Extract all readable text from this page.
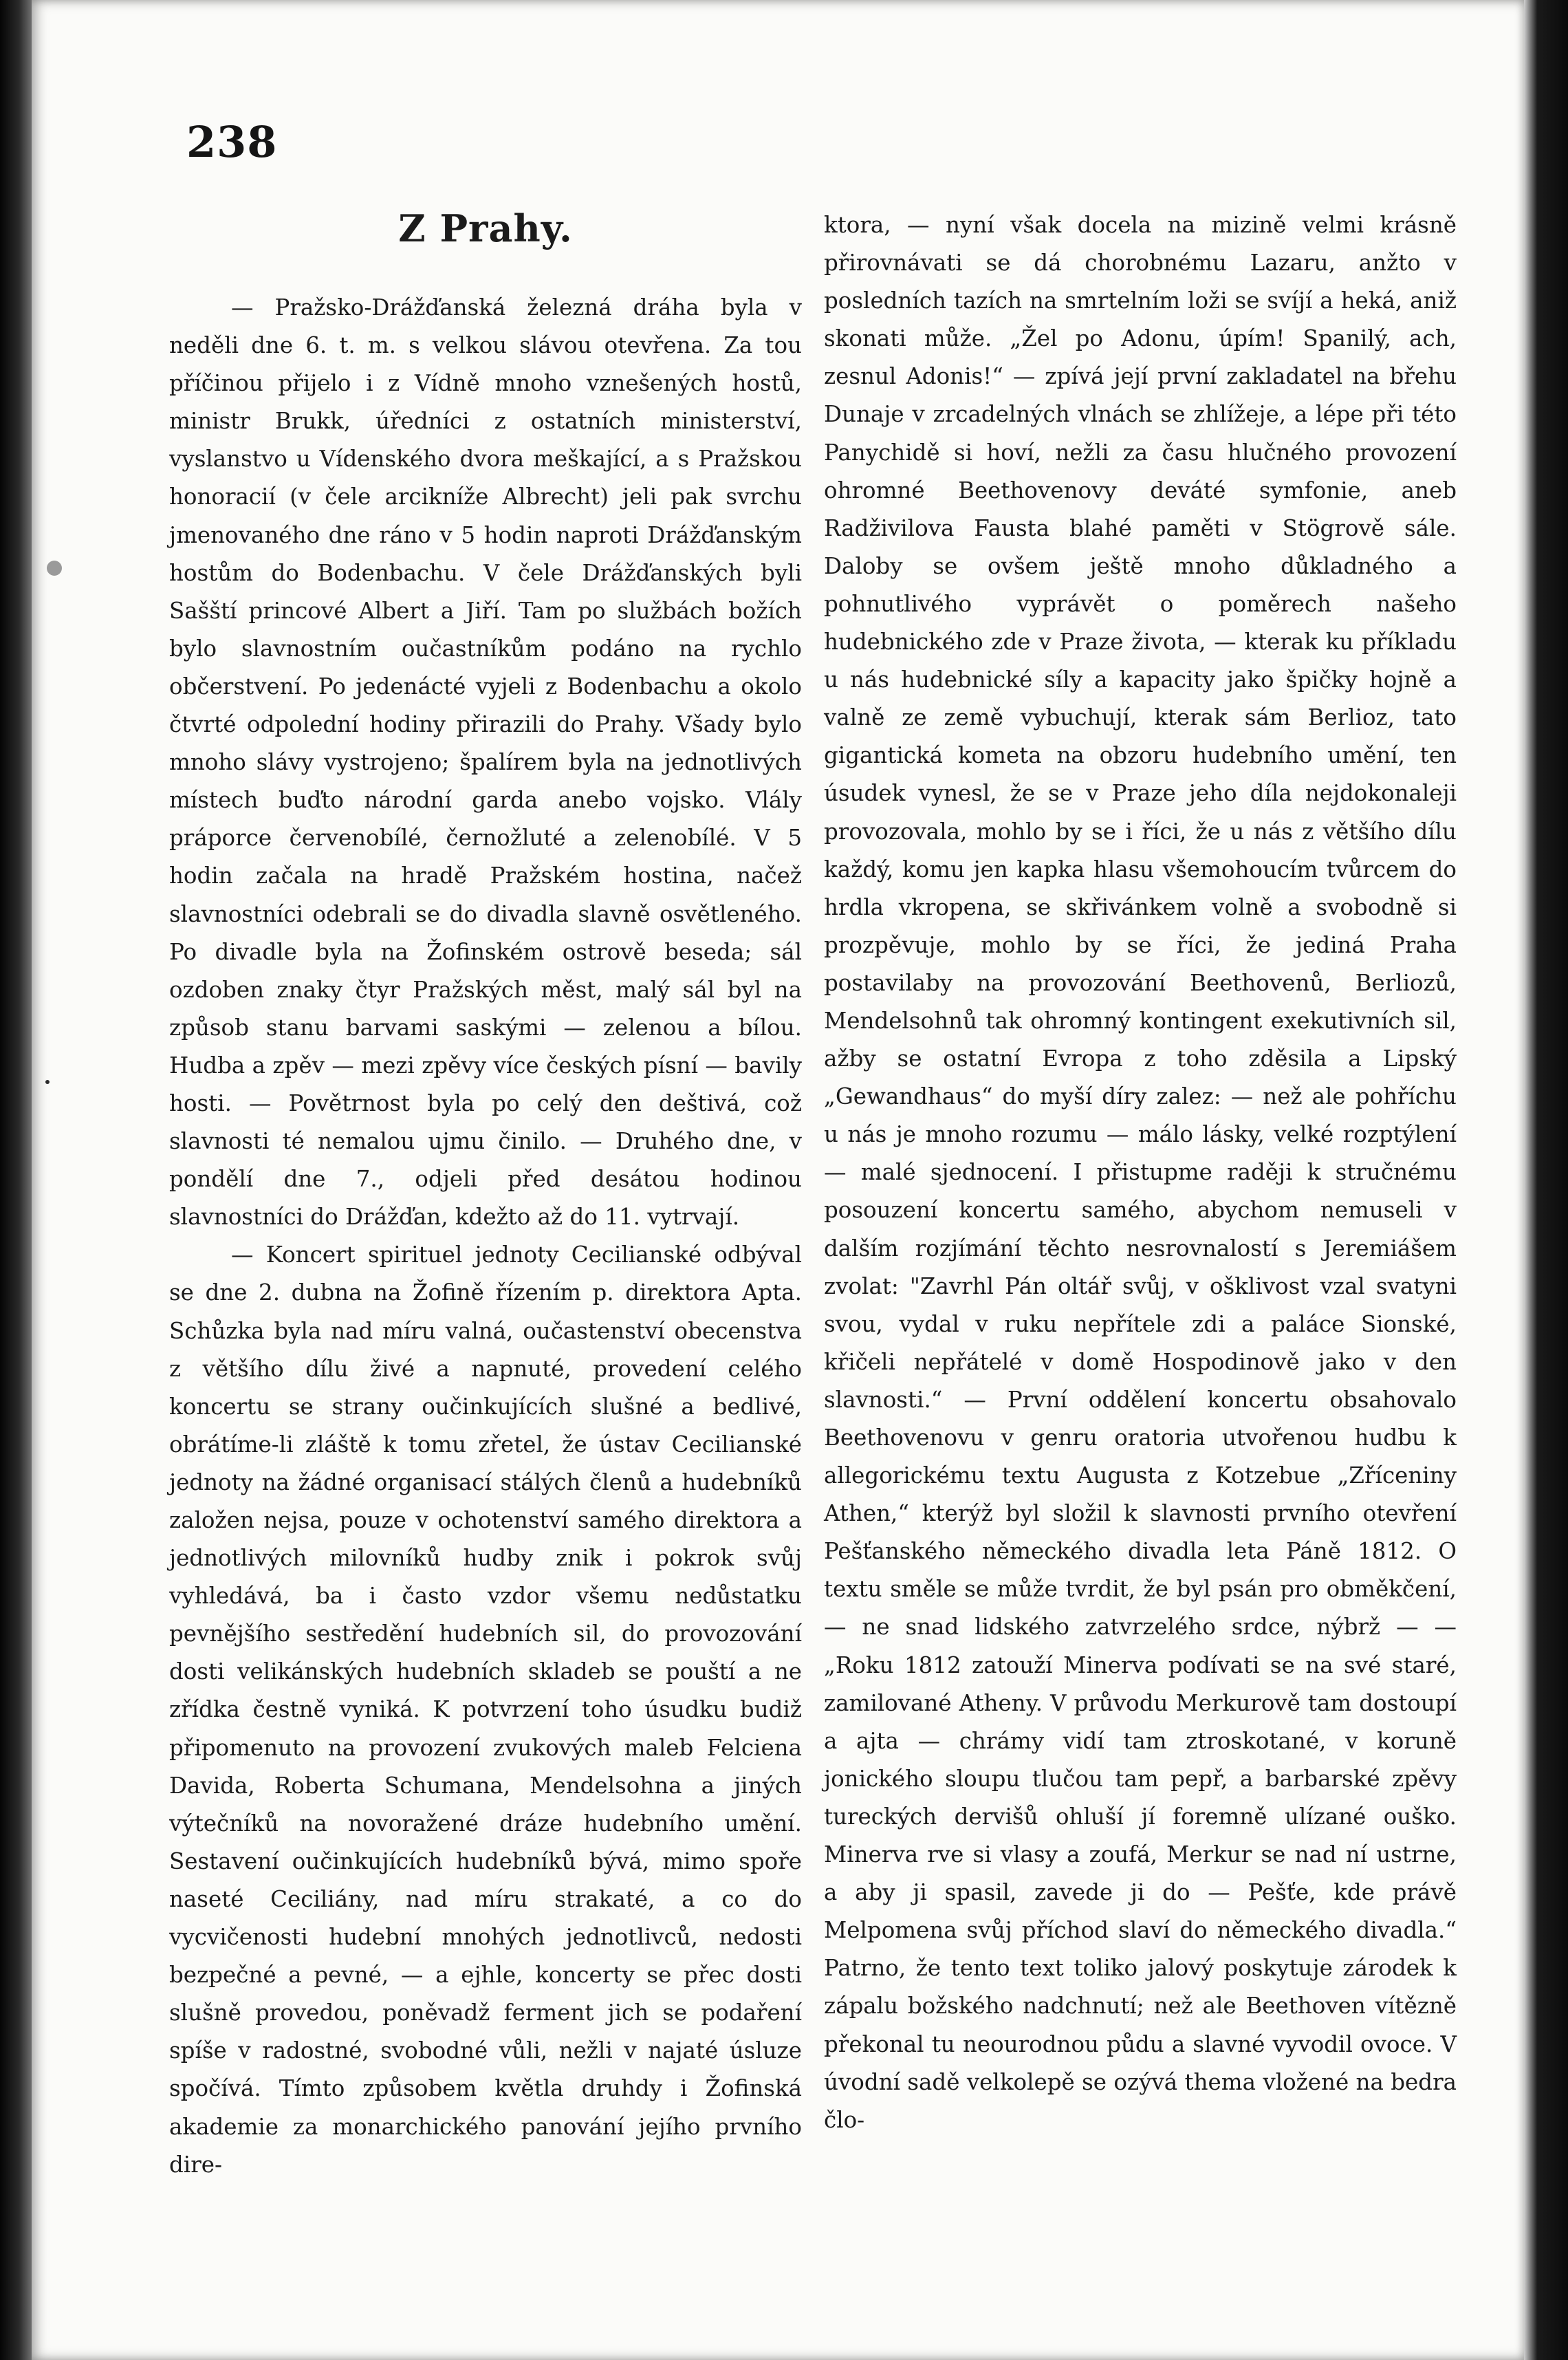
238
Z Prahy.

— Pražsko-Drážďanská železná dráha byla v neděli dne 6. t. m. s velkou slávou otevřena. Za tou příčinou přijelo i z Vídně mnoho vznešených hostů, ministr Brukk, úředníci z ostatních ministerství, vyslanstvo u Vídenského dvora meškající, a s Pražskou honoracií (v čele arcikníže Albrecht) jeli pak svrchu jmenovaného dne ráno v 5 hodin naproti Drážďanským hostům do Bodenbachu. V čele Drážďanských byli Sašští princové Albert a Jiří. Tam po službách božích bylo slavnostním oučastníkům podáno na rychlo občerstvení. Po jedenácté vyjeli z Bodenbachu a okolo čtvrté odpolední hodiny přirazili do Prahy. Všady bylo mnoho slávy vystrojeno; špalírem byla na jednotlivých místech buďto národní garda anebo vojsko. Vlály práporce červenobílé, černožluté a zelenobílé. V 5 hodin začala na hradě Pražském hostina, načež slavnostníci odebrali se do divadla slavně osvětleného. Po divadle byla na Žofinském ostrově beseda; sál ozdoben znaky čtyr Pražských měst, malý sál byl na způsob stanu barvami saskými — zelenou a bílou. Hudba a zpěv — mezi zpěvy více českých písní — bavily hosti. — Povětrnost byla po celý den deštivá, což slavnosti té nemalou ujmu činilo. — Druhého dne, v pondělí dne 7., odjeli před desátou hodinou slavnostníci do Drážďan, kdežto až do 11. vytrvají.

— Koncert spirituel jednoty Cecilianské odbýval se dne 2. dubna na Žofině řízením p. direktora Apta. Schůzka byla nad míru valná, oučastenství obecenstva z většího dílu živé a napnuté, provedení celého koncertu se strany oučinkujících slušné a bedlivé, obrátíme-li zláště k tomu zřetel, že ústav Cecilianské jednoty na žádné organisací stálých členů a hudebníků založen nejsa, pouze v ochotenství samého direktora a jednotlivých milovníků hudby znik i pokrok svůj vyhledává, ba i často vzdor všemu nedůstatku pevnějšího sestředění hudebních sil, do provozování dosti velikánských hudebních skladeb se pouští a ne zřídka čestně vyniká. K potvrzení toho úsudku budiž připomenuto na provození zvukových maleb Felciena Davida, Roberta Schumana, Mendelsohna a jiných výtečníků na novoražené dráze hudebního umění. Sestavení oučinkujících hudebníků bývá, mimo spoře naseté Ceciliány, nad míru strakaté, a co do vycvičenosti hudební mnohých jednotlivců, nedosti bezpečné a pevné, — a ejhle, koncerty se přec dosti slušně provedou, poněvadž ferment jich se podaření spíše v radostné, svobodné vůli, nežli v najaté úsluze spočívá. Tímto způsobem květla druhdy i Žofinská akademie za monarchického panování jejího prvního dire-

ktora, — nyní však docela na mizině velmi krásně přirovnávati se dá chorobnému Lazaru, anžto v posledních tazích na smrtelním loži se svíjí a heká, aniž skonati může. „Žel po Adonu, úpím! Spanilý, ach, zesnul Adonis!“ — zpívá její první zakladatel na břehu Dunaje v zrcadelných vlnách se zhlížeje, a lépe při této Panychidě si hoví, nežli za času hlučného provození ohromné Beethovenovy deváté symfonie, aneb Radživilova Fausta blahé paměti v Stögrově sále. Daloby se ovšem ještě mnoho důkladného a pohnutlivého vyprávět o poměrech našeho hudebnického zde v Praze života, — kterak ku příkladu u nás hudebnické síly a kapacity jako špičky hojně a valně ze země vybuchují, kterak sám Berlioz, tato gigantická kometa na obzoru hudebního umění, ten úsudek vynesl, že se v Praze jeho díla nejdokonaleji provozovala, mohlo by se i říci, že u nás z většího dílu každý, komu jen kapka hlasu všemohoucím tvůrcem do hrdla vkropena, se skřivánkem volně a svobodně si prozpěvuje, mohlo by se říci, že jediná Praha postavilaby na provozování Beethovenů, Berliozů, Mendelsohnů tak ohromný kontingent exekutivních sil, ažby se ostatní Evropa z toho zděsila a Lipský „Gewandhaus“ do myší díry zalez: — než ale pohříchu u nás je mnoho rozumu — málo lásky, velké rozptýlení — malé sjednocení. I přistupme raději k stručnému posouzení koncertu samého, abychom nemuseli v dalším rozjímání těchto nesrovnalostí s Jeremiášem zvolat: "Zavrhl Pán oltář svůj, v ošklivost vzal svatyni svou, vydal v ruku nepřítele zdi a paláce Sionské, křičeli nepřátelé v domě Hospodinově jako v den slavnosti.“ — První oddělení koncertu obsahovalo Beethovenovu v genru oratoria utvořenou hudbu k allegorickému textu Augusta z Kotzebue „Zříceniny Athen,“ kterýž byl složil k slavnosti prvního otevření Pešťanského německého divadla leta Páně 1812. O textu směle se může tvrdit, že byl psán pro obměkčení, — ne snad lidského zatvrzelého srdce, nýbrž — — „Roku 1812 zatouží Minerva podívati se na své staré, zamilované Atheny. V průvodu Merkurově tam dostoupí a ajta — chrámy vidí tam ztroskotané, v koruně jonického sloupu tlučou tam pepř, a barbarské zpěvy tureckých dervišů ohluší jí foremně ulízané ouško. Minerva rve si vlasy a zoufá, Merkur se nad ní ustrne, a aby ji spasil, zavede ji do — Pešťe, kde právě Melpomena svůj příchod slaví do německého divadla.“ Patrno, že tento text toliko jalový poskytuje zárodek k zápalu božského nadchnutí; než ale Beethoven vítězně překonal tu neourodnou půdu a slavné vyvodil ovoce. V úvodní sadě velkolepě se ozývá thema vložené na bedra člo-
